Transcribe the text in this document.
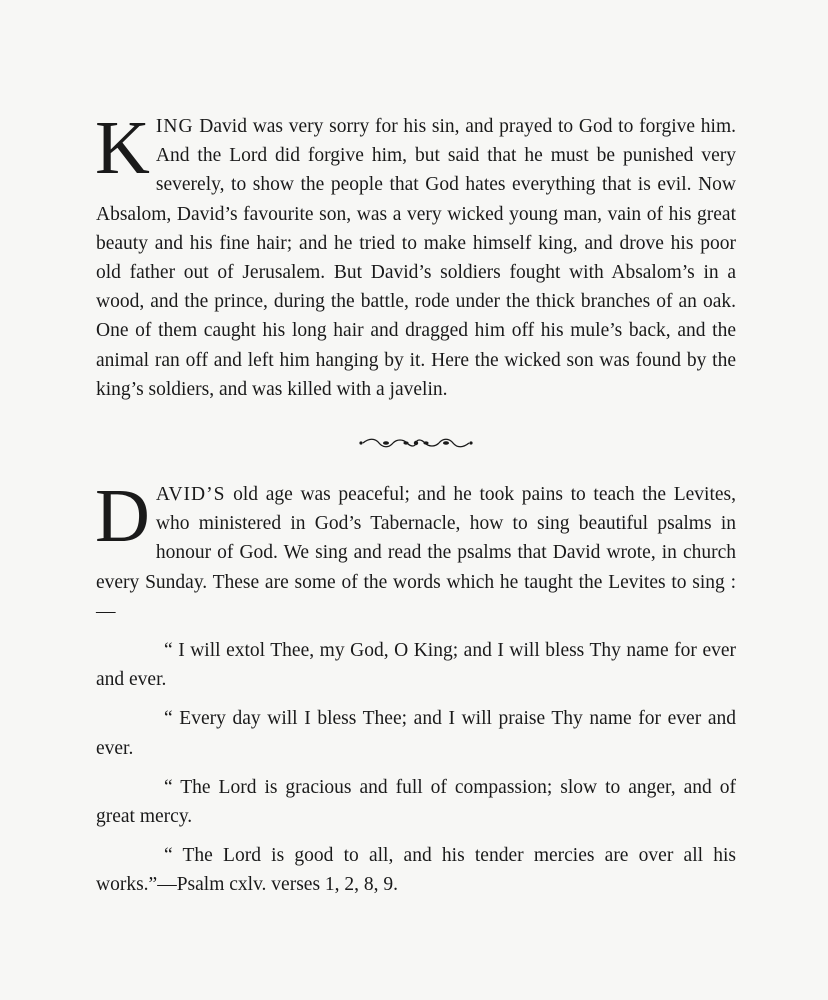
KING David was very sorry for his sin, and prayed to God to forgive him. And the Lord did forgive him, but said that he must be punished very severely, to show the people that God hates everything that is evil. Now Absalom, David’s favourite son, was a very wicked young man, vain of his great beauty and his fine hair; and he tried to make himself king, and drove his poor old father out of Jerusalem. But David’s soldiers fought with Absalom’s in a wood, and the prince, during the battle, rode under the thick branches of an oak. One of them caught his long hair and dragged him off his mule’s back, and the animal ran off and left him hanging by it. Here the wicked son was found by the king’s soldiers, and was killed with a javelin.

DAVID’S old age was peaceful; and he took pains to teach the Levites, who ministered in God’s Tabernacle, how to sing beautiful psalms in honour of God. We sing and read the psalms that David wrote, in church every Sunday. These are some of the words which he taught the Levites to sing :—

“ I will extol Thee, my God, O King; and I will bless Thy name for ever and ever.

“ Every day will I bless Thee; and I will praise Thy name for ever and ever.

“ The Lord is gracious and full of compassion; slow to anger, and of great mercy.

“ The Lord is good to all, and his tender mercies are over all his works.”—Psalm cxlv. verses 1, 2, 8, 9.
